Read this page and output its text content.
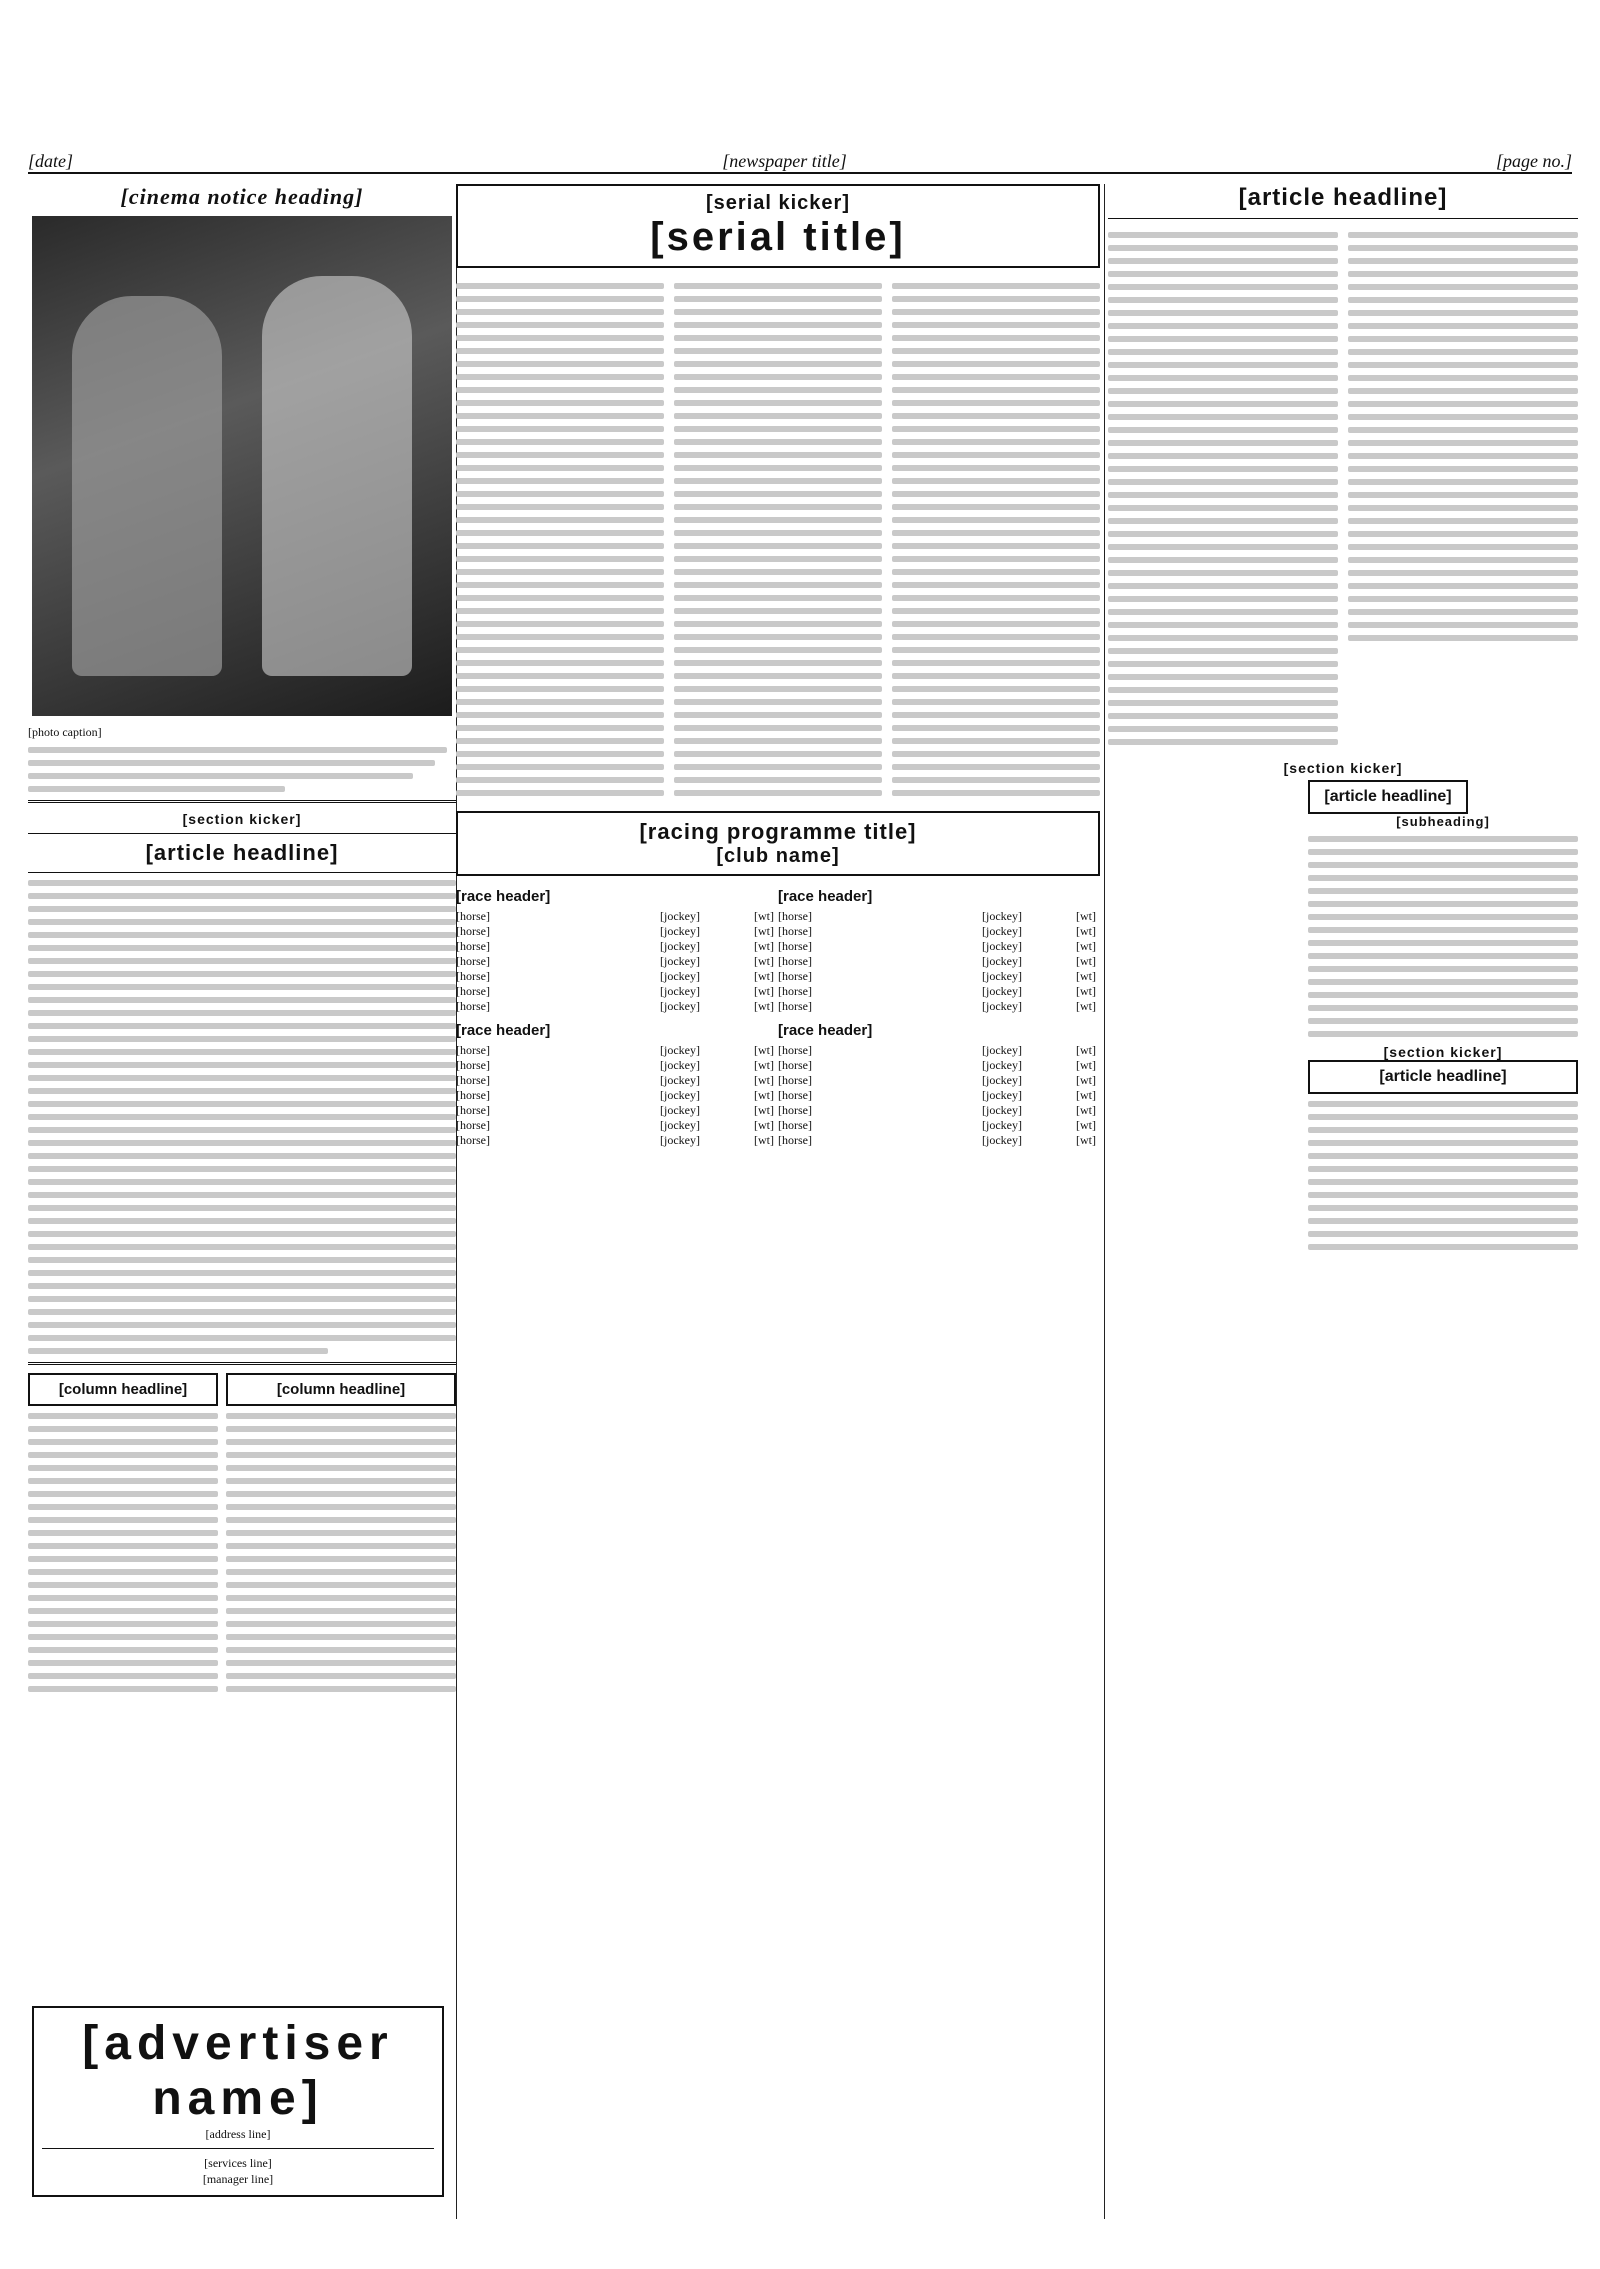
[date]	[newspaper title]	[page no.]
[cinema notice heading]
[photo caption]
[section kicker]
[article headline]
[column headline]	[column headline]
[serial kicker]
[serial title]
[racing programme title]
[club name]
[race header]
[horse]	[jockey]	[wt]
[horse]	[jockey]	[wt]
[horse]	[jockey]	[wt]
[horse]	[jockey]	[wt]
[horse]	[jockey]	[wt]
[horse]	[jockey]	[wt]
[horse]	[jockey]	[wt]
[race header]
[horse]	[jockey]	[wt]
[horse]	[jockey]	[wt]
[horse]	[jockey]	[wt]
[horse]	[jockey]	[wt]
[horse]	[jockey]	[wt]
[horse]	[jockey]	[wt]
[horse]	[jockey]	[wt]
[race header]
[horse]	[jockey]	[wt]
[horse]	[jockey]	[wt]
[horse]	[jockey]	[wt]
[horse]	[jockey]	[wt]
[horse]	[jockey]	[wt]
[horse]	[jockey]	[wt]
[horse]	[jockey]	[wt]
[race header]
[horse]	[jockey]	[wt]
[horse]	[jockey]	[wt]
[horse]	[jockey]	[wt]
[horse]	[jockey]	[wt]
[horse]	[jockey]	[wt]
[horse]	[jockey]	[wt]
[horse]	[jockey]	[wt]
[article headline]
[section kicker]
[article headline]
[subheading]
[section kicker]
[article headline]
[advertiser name]
[address line]
[services line]
[manager line]
